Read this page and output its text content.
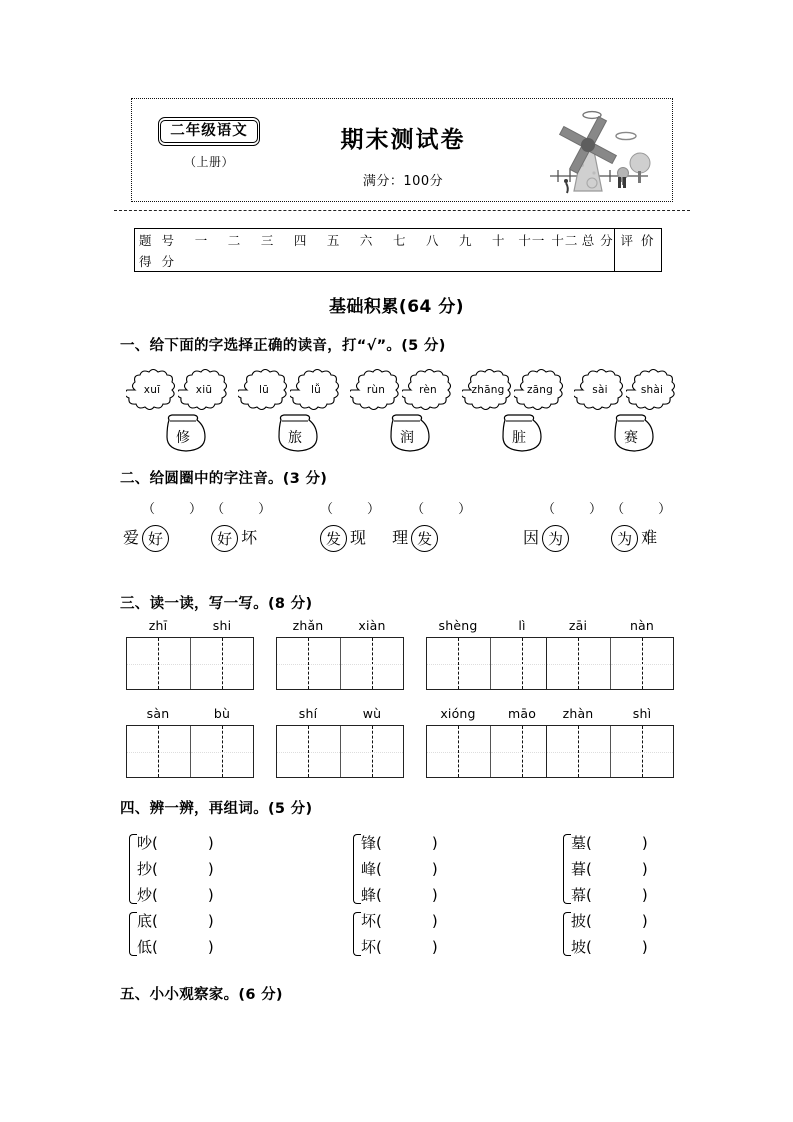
二年级语文
（上册）
期末测试卷
满分：100分
题 号	一	二	三	四	五	六	七	八	九	十	十一	十二	总 分	评 价
得 分														
基础积累(64 分)
一、给下面的字选择正确的读音，打“√”。(5 分)
xuī	xiū
修
lū	lǚ
旅
rùn	rèn
润
zhāng zāng
脏
sài	shài
赛
二、给圆圈中的字注音。(3 分)
（	）
爱 好

（	）
好 坏
（	）
发 现

（	）
理 发
（	）
因 为

（	）
为 难
三、读一读，写一写。(8 分)
zhī	shi	zhǎn	xiàn	shèng	lì	zāi	nàn
sàn	bù	shí	wù	xióng	māo	zhàn	shì
四、辨一辨，再组词。(5 分)
吵(	)
抄(	)
炒(	)
底(	)
低(	)
锋(	)
峰(	)
蜂(	)
坏(	)
坏(	)
墓(	)
暮(	)
幕(	)
披(	)
坡(	)
五、小小观察家。(6 分)
